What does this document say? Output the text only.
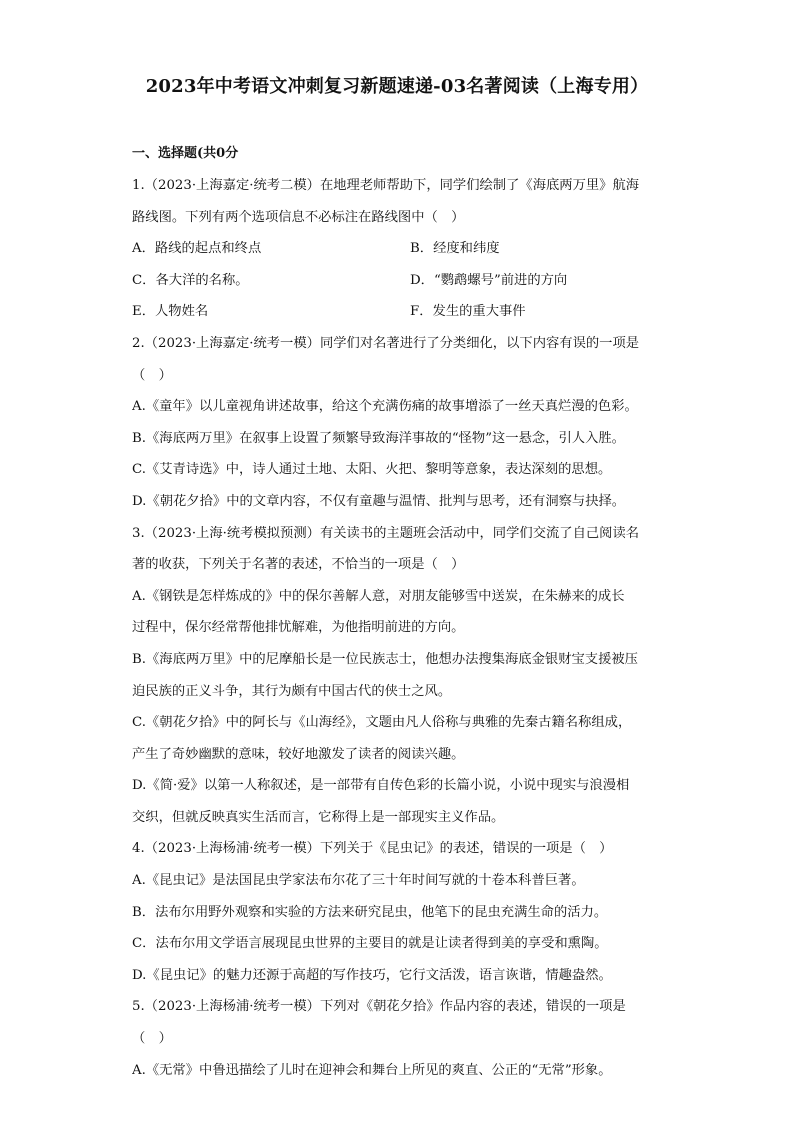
2023年中考语文冲刺复习新题速递-03名著阅读（上海专用）
一、选择题(共0分
1.（2023·上海嘉定·统考二模）在地理老师帮助下，同学们绘制了《海底两万里》航海
路线图。下列有两个选项信息不必标注在路线图中（　）
A．路线的起点和终点	B．经度和纬度
C．各大洋的名称。	D．“鹦鹉螺号”前进的方向
E．人物姓名	F．发生的重大事件
2.（2023·上海嘉定·统考一模）同学们对名著进行了分类细化，以下内容有误的一项是
（　）
A.《童年》以儿童视角讲述故事，给这个充满伤痛的故事增添了一丝天真烂漫的色彩。
B.《海底两万里》在叙事上设置了频繁导致海洋事故的“怪物”这一悬念，引人入胜。
C.《艾青诗选》中，诗人通过土地、太阳、火把、黎明等意象，表达深刻的思想。
D.《朝花夕拾》中的文章内容，不仅有童趣与温情、批判与思考，还有洞察与抉择。
3.（2023·上海·统考模拟预测）有关读书的主题班会活动中，同学们交流了自己阅读名
著的收获，下列关于名著的表述，不恰当的一项是（　）
A.《钢铁是怎样炼成的》中的保尔善解人意，对朋友能够雪中送炭，在朱赫来的成长
过程中，保尔经常帮他排忧解难，为他指明前进的方向。
B.《海底两万里》中的尼摩船长是一位民族志士，他想办法搜集海底金银财宝支援被压
迫民族的正义斗争，其行为颇有中国古代的侠士之风。
C.《朝花夕拾》中的阿长与《山海经》，文题由凡人俗称与典雅的先秦古籍名称组成，
产生了奇妙幽默的意味，较好地激发了读者的阅读兴趣。
D.《简·爱》以第一人称叙述，是一部带有自传色彩的长篇小说，小说中现实与浪漫相
交织，但就反映真实生活而言，它称得上是一部现实主义作品。
4.（2023·上海杨浦·统考一模）下列关于《昆虫记》的表述，错误的一项是（　）
A.《昆虫记》是法国昆虫学家法布尔花了三十年时间写就的十卷本科普巨著。
B．法布尔用野外观察和实验的方法来研究昆虫，他笔下的昆虫充满生命的活力。
C．法布尔用文学语言展现昆虫世界的主要目的就是让读者得到美的享受和熏陶。
D.《昆虫记》的魅力还源于高超的写作技巧，它行文活泼，语言诙谐，情趣盎然。
5.（2023·上海杨浦·统考一模）下列对《朝花夕拾》作品内容的表述，错误的一项是
（　）
A.《无常》中鲁迅描绘了儿时在迎神会和舞台上所见的爽直、公正的“无常”形象。
